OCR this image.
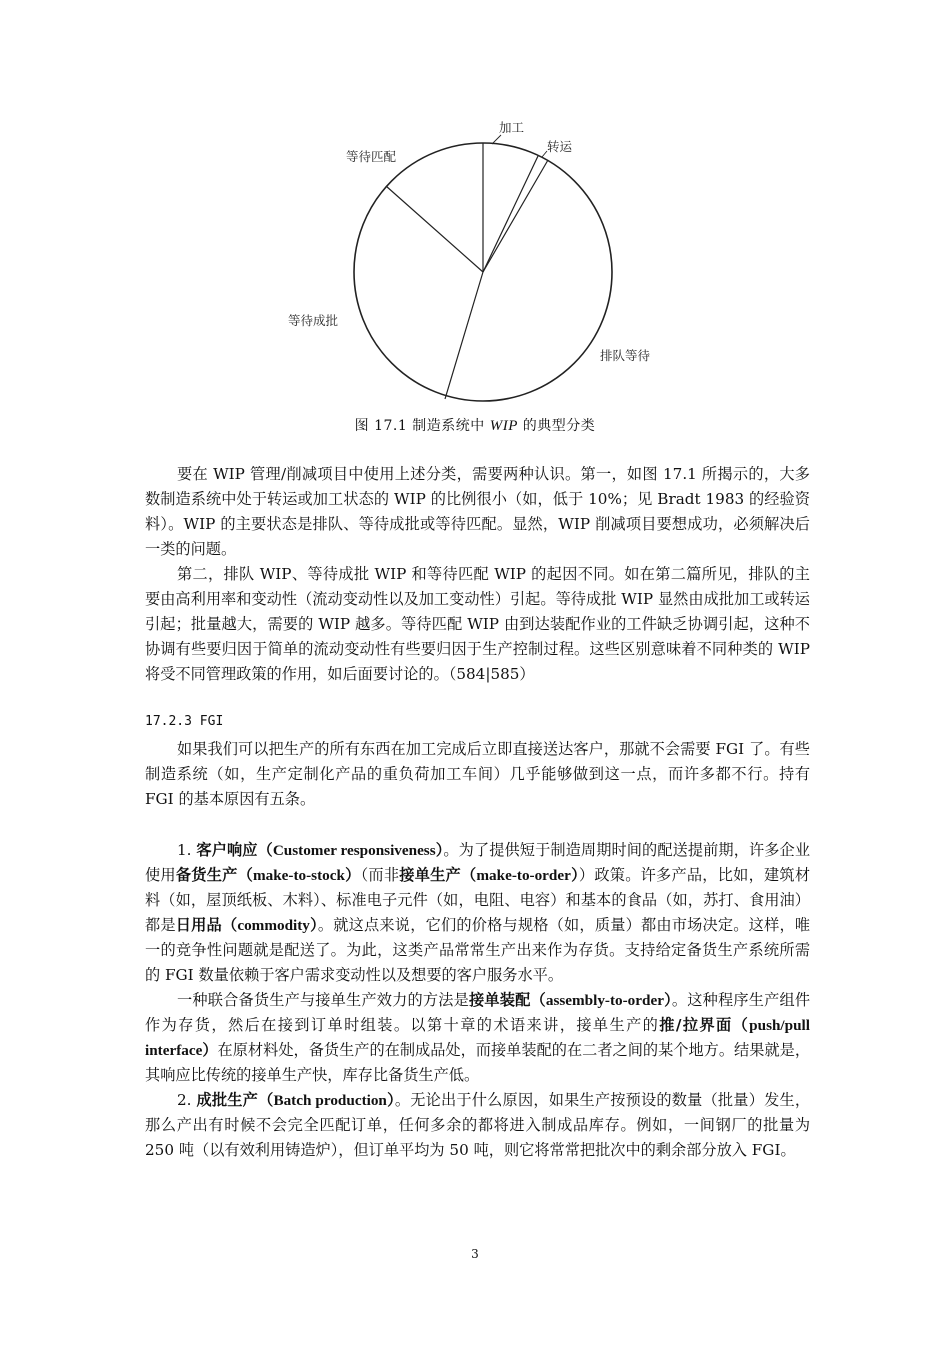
加工
转运
等待匹配
等待成批
排队等待
图 17.1 制造系统中 WIP 的典型分类

要在 WIP 管理/削减项目中使用上述分类，需要两种认识。第一，如图 17.1 所揭示的，大多数制造系统中处于转运或加工状态的 WIP 的比例很小（如，低于 10%；见 Bradt 1983 的经验资料）。WIP 的主要状态是排队、等待成批或等待匹配。显然，WIP 削减项目要想成功，必须解决后一类的问题。

第二，排队 WIP、等待成批 WIP 和等待匹配 WIP 的起因不同。如在第二篇所见，排队的主要由高利用率和变动性（流动变动性以及加工变动性）引起。等待成批 WIP 显然由成批加工或转运引起；批量越大，需要的 WIP 越多。等待匹配 WIP 由到达装配作业的工件缺乏协调引起，这种不协调有些要归因于简单的流动变动性有些要归因于生产控制过程。这些区别意味着不同种类的 WIP 将受不同管理政策的作用，如后面要讨论的。（584|585）

17.2.3 FGI

如果我们可以把生产的所有东西在加工完成后立即直接送达客户，那就不会需要 FGI 了。有些制造系统（如，生产定制化产品的重负荷加工车间）几乎能够做到这一点，而许多都不行。持有 FGI 的基本原因有五条。

1. 客户响应（Customer responsiveness）。为了提供短于制造周期时间的配送提前期，许多企业使用备货生产（make-to-stock）（而非接单生产（make-to-order））政策。许多产品，比如，建筑材料（如，屋顶纸板、木料）、标准电子元件（如，电阻、电容）和基本的食品（如，苏打、食用油）都是日用品（commodity）。就这点来说，它们的价格与规格（如，质量）都由市场决定。这样，唯一的竞争性问题就是配送了。为此，这类产品常常生产出来作为存货。支持给定备货生产系统所需的 FGI 数量依赖于客户需求变动性以及想要的客户服务水平。

一种联合备货生产与接单生产效力的方法是接单装配（assembly-to-order）。这种程序生产组件作为存货，然后在接到订单时组装。以第十章的术语来讲，接单生产的推/拉界面（push/pull interface）在原材料处，备货生产的在制成品处，而接单装配的在二者之间的某个地方。结果就是，其响应比传统的接单生产快，库存比备货生产低。

2. 成批生产（Batch production）。无论出于什么原因，如果生产按预设的数量（批量）发生，那么产出有时候不会完全匹配订单，任何多余的都将进入制成品库存。例如，一间钢厂的批量为 250 吨（以有效利用铸造炉），但订单平均为 50 吨，则它将常常把批次中的剩余部分放入 FGI。

3
